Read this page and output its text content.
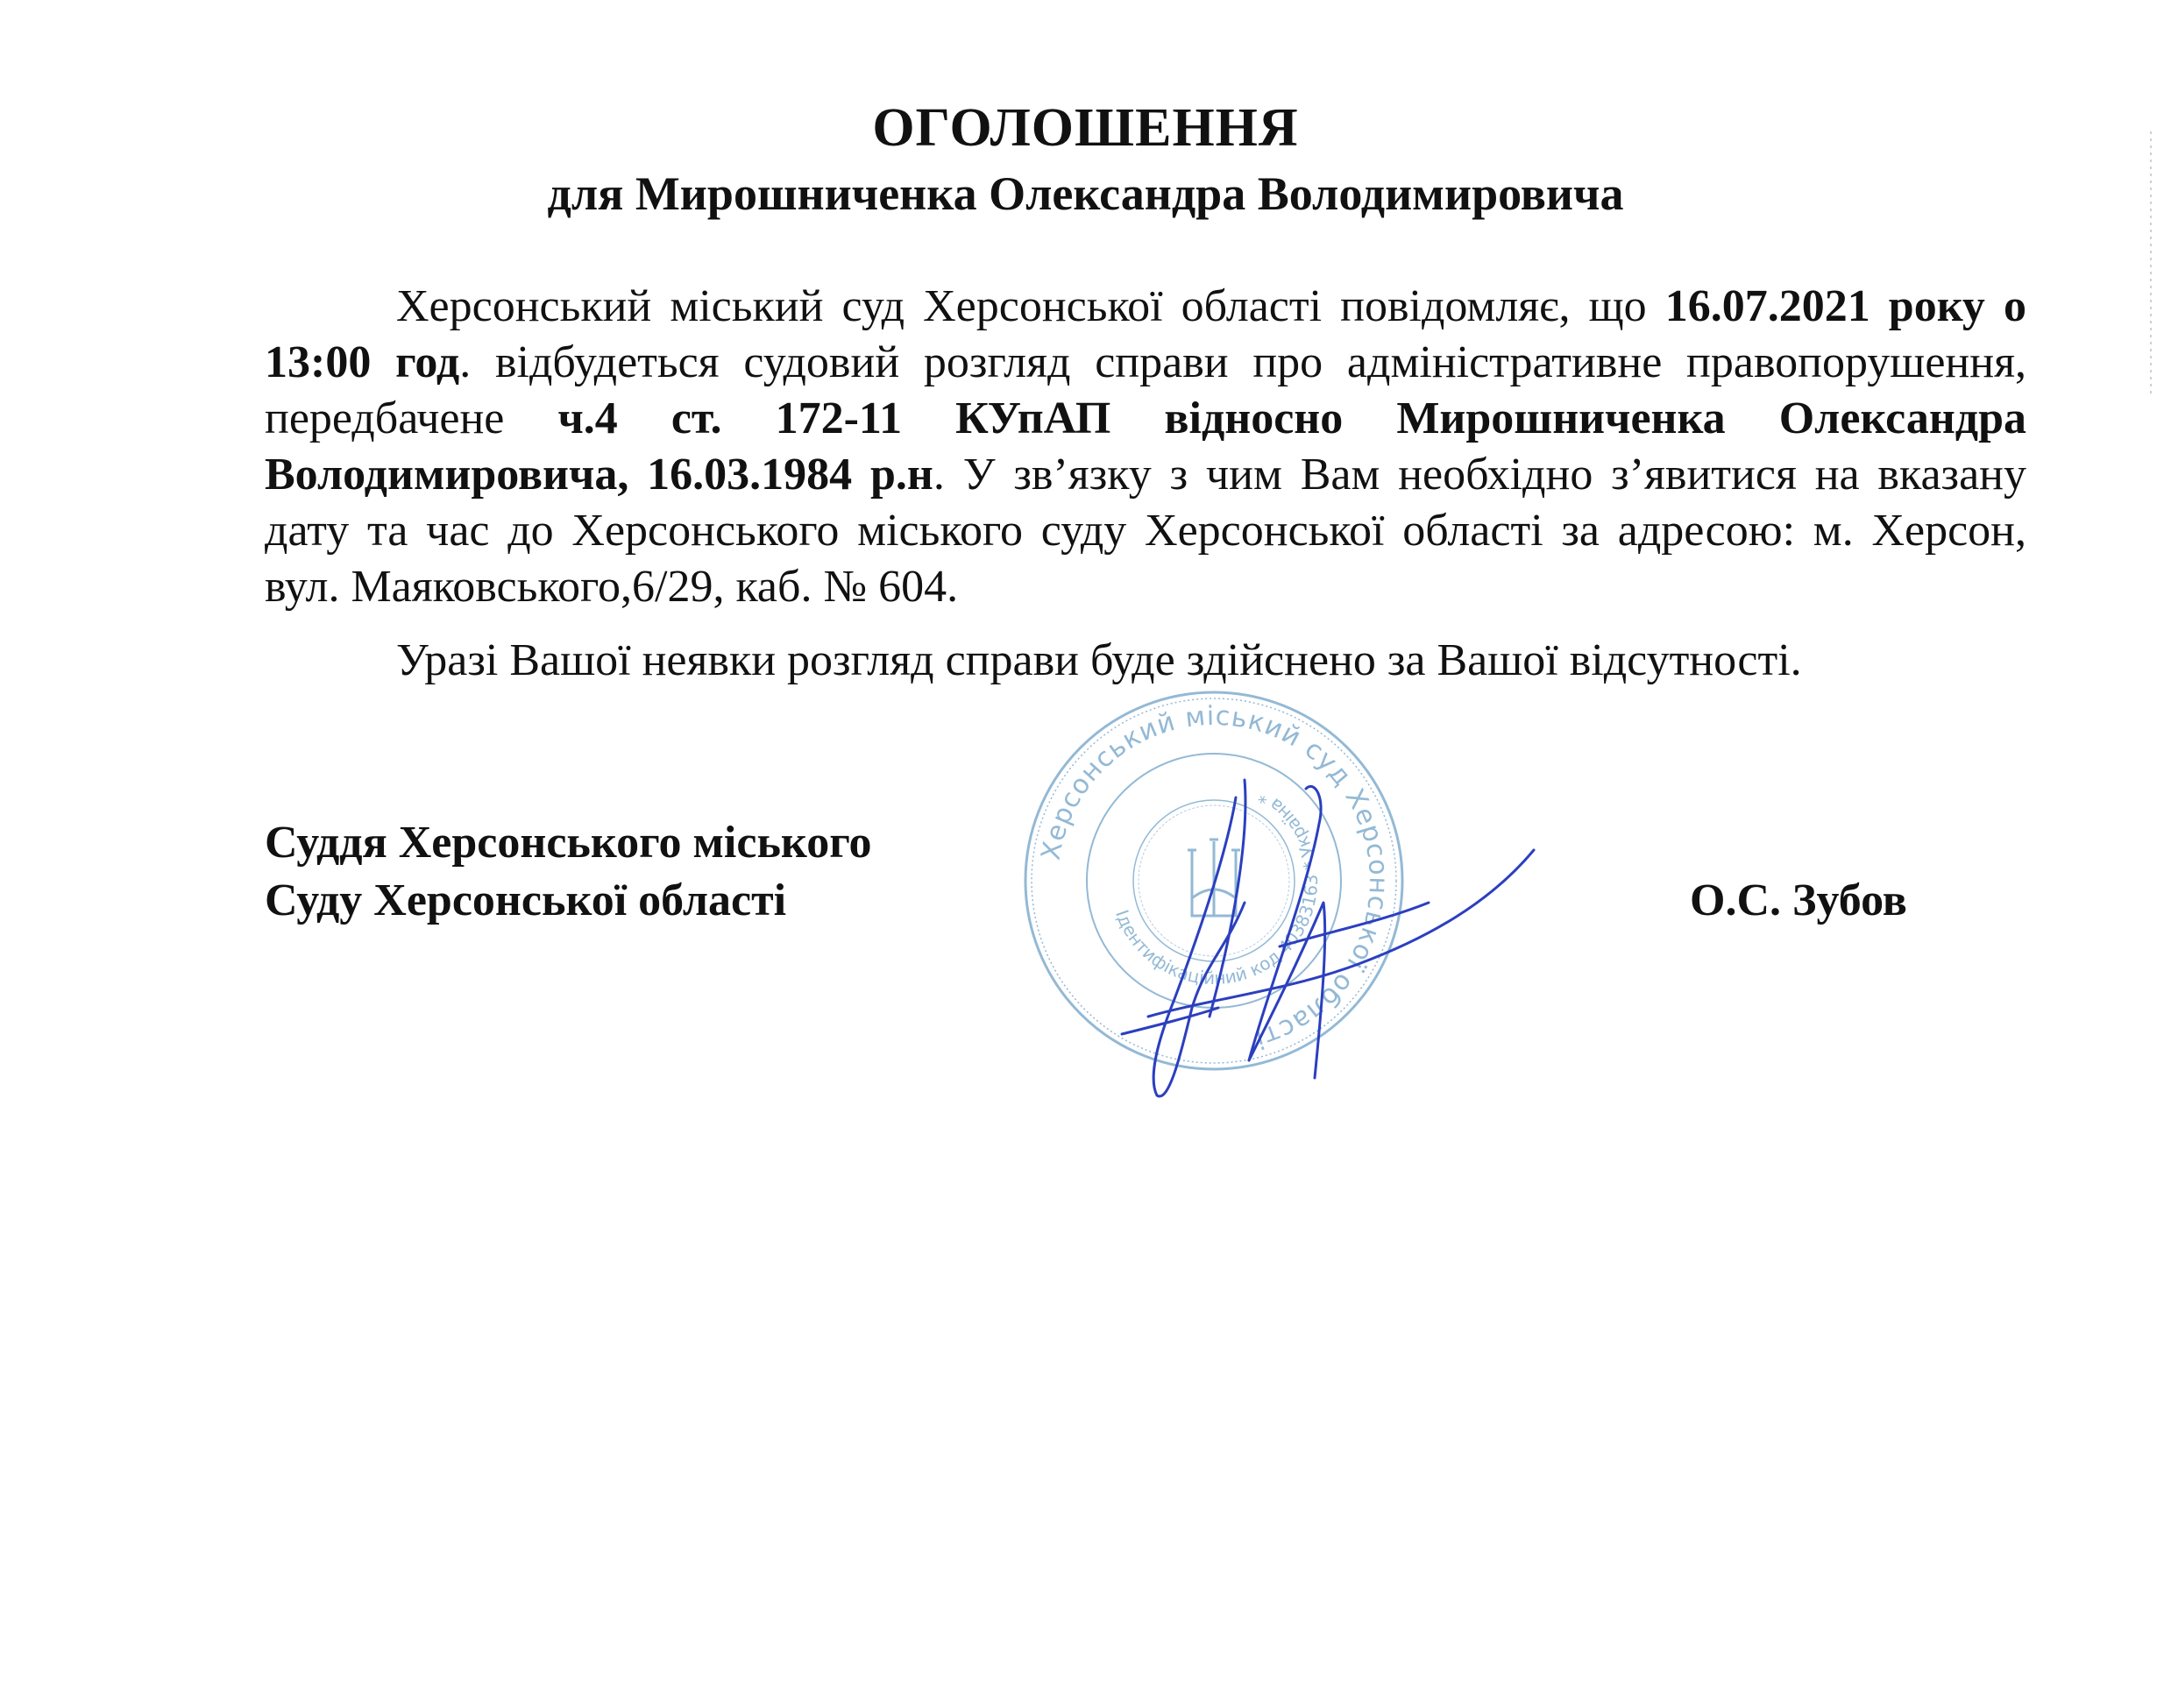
ОГОЛОШЕННЯ
для Мирошниченка Олександра Володимировича

Херсонський міський суд Херсонської області повідомляє, що 16.07.2021 року о 13:00 год. відбудеться судовий розгляд справи про адміністративне правопорушення, передбачене ч.4 ст. 172-11 КУпАП відносно Мирошниченка Олександра Володимировича, 16.03.1984 р.н. У зв’язку з чим Вам необхідно з’явитися на вказану дату та час до Херсонського міського суду Херсонської області за адресою: м. Херсон, вул. Маяковського,6/29, каб. № 604.

Уразі Вашої неявки розгляд справи буде здійснено за Вашої відсутності.

Суддя Херсонського міського
Суду Херсонської області	О.С. Зубов
Херсонський міський суд Херсонської області
Ідентифікаційний код 40383163 * Україна *
